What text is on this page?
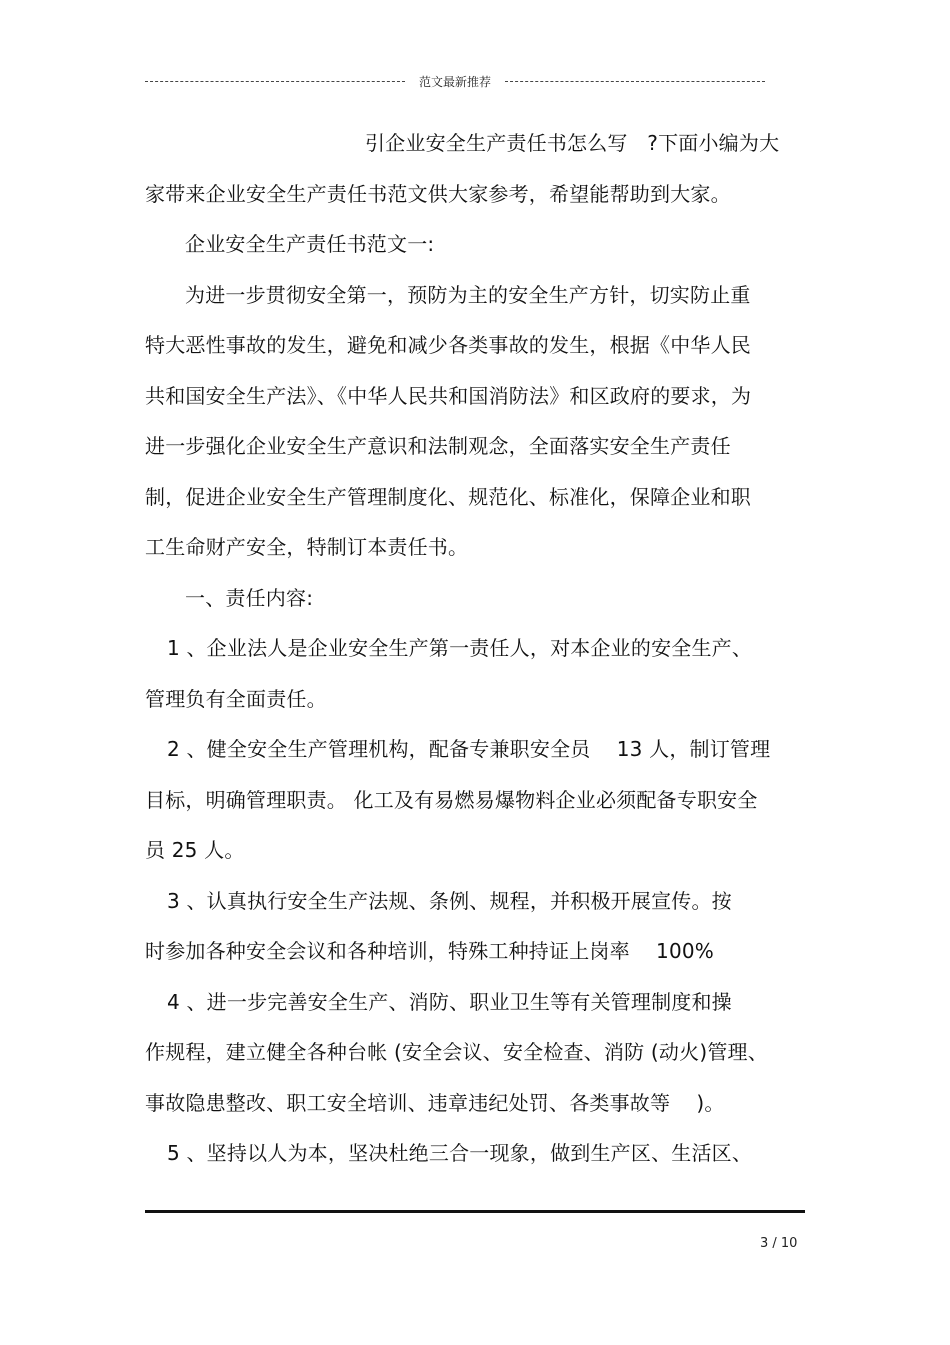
范文最新推荐
引企业安全生产责任书怎么写   ?下面小编为大
家带来企业安全生产责任书范文供大家参考，希望能帮助到大家。
企业安全生产责任书范文一:
为进一步贯彻安全第一，预防为主的安全生产方针，切实防止重
特大恶性事故的发生，避免和减少各类事故的发生，根据《中华人民
共和国安全生产法》、《中华人民共和国消防法》和区政府的要求，为
进一步强化企业安全生产意识和法制观念，全面落实安全生产责任
制，促进企业安全生产管理制度化、规范化、标准化，保障企业和职
工生命财产安全，特制订本责任书。
一、责任内容:
1 、企业法人是企业安全生产第一责任人，对本企业的安全生产、
管理负有全面责任。
2 、健全安全生产管理机构，配备专兼职安全员    13 人，制订管理
目标，明确管理职责。 化工及有易燃易爆物料企业必须配备专职安全
员 25 人。
3 、认真执行安全生产法规、条例、规程，并积极开展宣传。按
时参加各种安全会议和各种培训，特殊工种持证上岗率    100%
4 、进一步完善安全生产、消防、职业卫生等有关管理制度和操
作规程，建立健全各种台帐 (安全会议、安全检查、消防 (动火)管理、
事故隐患整改、职工安全培训、违章违纪处罚、各类事故等    )。
5 、坚持以人为本，坚决杜绝三合一现象，做到生产区、生活区、
3 / 10
